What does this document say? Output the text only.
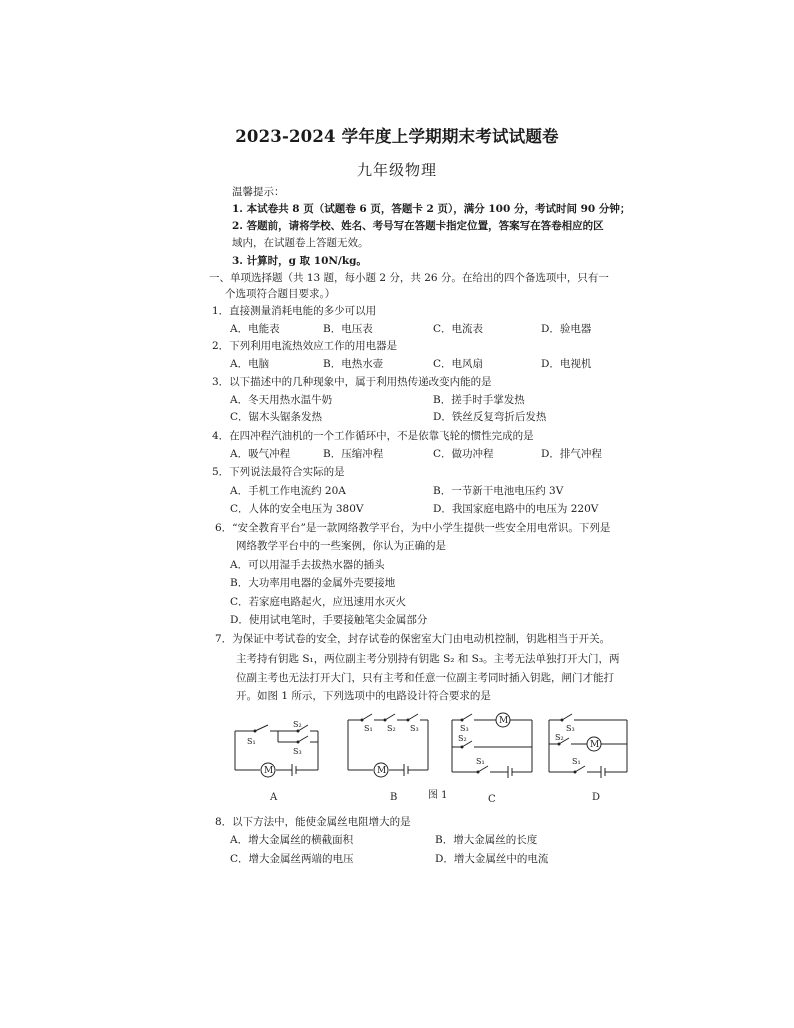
2023-2024 学年度上学期期末考试试题卷
九年级物理
温馨提示：
1. 本试卷共 8 页（试题卷 6 页，答题卡 2 页），满分 100 分，考试时间 90 分钟；
2. 答题前，请将学校、姓名、考号写在答题卡指定位置，答案写在答卷相应的区
域内，在试题卷上答题无效。
3. 计算时，g 取 10N/kg。
一、单项选择题（共 13 题，每小题 2 分，共 26 分。在给出的四个备选项中，只有一
个选项符合题目要求。）
1．直接测量消耗电能的多少可以用
A．电能表	B．电压表	C．电流表	D．验电器
2．下列利用电流热效应工作的用电器是
A．电脑	B．电热水壶	C．电风扇	D．电视机
3．以下描述中的几种现象中，属于利用热传递改变内能的是
A．冬天用热水温牛奶	B．搓手时手掌发热
C．锯木头锯条发热	D．铁丝反复弯折后发热
4．在四冲程汽油机的一个工作循环中，不是依靠飞轮的惯性完成的是
A．吸气冲程	B．压缩冲程	C．做功冲程	D．排气冲程
5．下列说法最符合实际的是
A．手机工作电流约 20A	B．一节新干电池电压约 3V
C．人体的安全电压为 380V	D．我国家庭电路中的电压为 220V
6．“安全教育平台”是一款网络教学平台，为中小学生提供一些安全用电常识。下列是
网络教学平台中的一些案例，你认为正确的是
A．可以用湿手去拔热水器的插头
B．大功率用电器的金属外壳要接地
C．若家庭电路起火，应迅速用水灭火
D．使用试电笔时，手要接触笔尖金属部分
7．为保证中考试卷的安全，封存试卷的保密室大门由电动机控制，钥匙相当于开关。
主考持有钥匙 S₁，两位副主考分别持有钥匙 S₂ 和 S₃。主考无法单独打开大门，两
位副主考也无法打开大门，只有主考和任意一位副主考同时插入钥匙，闸门才能打
开。如图 1 所示，下列选项中的电路设计符合要求的是
S₁
S₂
S₃
S₁ S₂ S₃	S₃
S₂
S₁
S₃
S₂
S₁
M	M
M
M
A	B	图 1	C	D
8．以下方法中，能使金属丝电阻增大的是
A．增大金属丝的横截面积	B．增大金属丝的长度
C．增大金属丝两端的电压	D．增大金属丝中的电流
